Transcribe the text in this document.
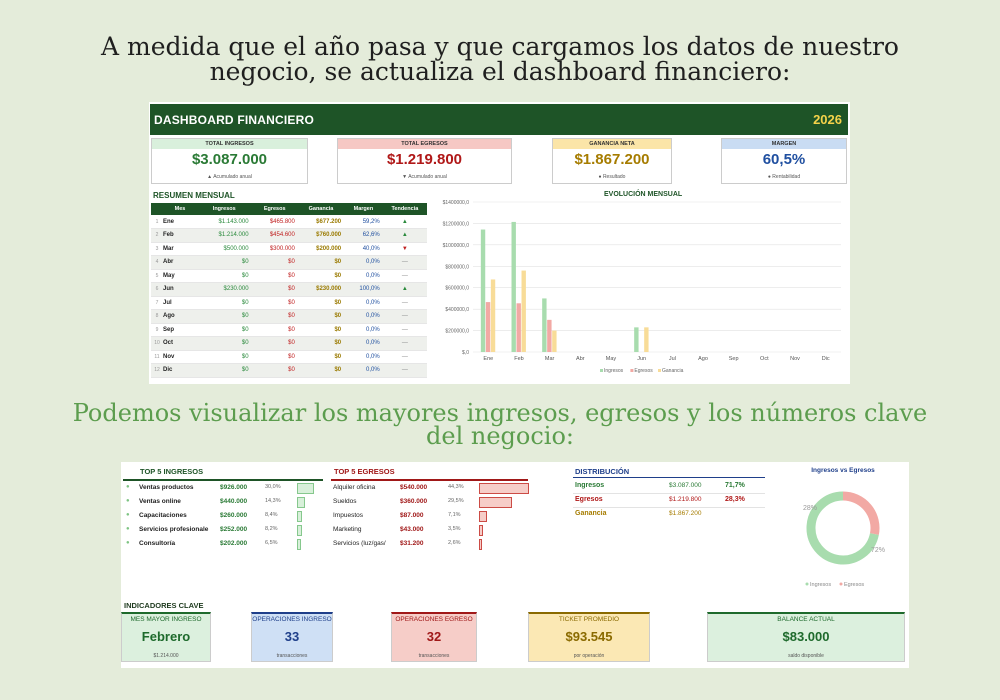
A medida que el año pasa y que cargamos los datos de nuestro
negocio, se actualiza el dashboard financiero:
DASHBOARD FINANCIERO	2026
TOTAL INGRESOS
$3.087.000
▲ Acumulado anual
TOTAL EGRESOS
$1.219.800
▼ Acumulado anual
GANANCIA NETA
$1.867.200
● Resultado
MARGEN
60,5%
● Rentabilidad
RESUMEN MENSUAL
	Mes	Ingresos	Egresos	Ganancia	Margen	Tendencia
1	Ene	$1.143.000	$465.800	$677.200	59,2%	▲
2	Feb	$1.214.000	$454.600	$760.000	62,6%	▲
3	Mar	$500.000	$300.000	$200.000	40,0%	▼
4	Abr	$0	$0	$0	0,0%	—
5	May	$0	$0	$0	0,0%	—
6	Jun	$230.000	$0	$230.000	100,0%	▲
7	Jul	$0	$0	$0	0,0%	—
8	Ago	$0	$0	$0	0,0%	—
9	Sep	$0	$0	$0	0,0%	—
10	Oct	$0	$0	$0	0,0%	—
11	Nov	$0	$0	$0	0,0%	—
12	Dic	$0	$0	$0	0,0%	—
EVOLUCIÓN MENSUAL
$,0
$200000,0
$400000,0
$600000,0
$800000,0
$1000000,0
$1200000,0
$1400000,0
Ene	Feb	Mar	Abr	May	Jun	Jul	Ago	Sep	Oct	Nov	Dic
Ingresos Egresos Ganancia
Podemos visualizar los mayores ingresos, egresos y los números clave
del negocio:
TOP 5 INGRESOS
● Ventas productos	$926.000	30,0%
● Ventas online	$440.000	14,3%
● Capacitaciones	$260.000	8,4%
● Servicios profesionale $252.000	8,2%
● Consultoría	$202.000	6,5%
TOP 5 EGRESOS
Alquiler oficina	$540.000	44,3%
Sueldos	$360.000	29,5%
Impuestos	$87.000	7,1%
Marketing	$43.000	3,5%
Servicios (luz/gas/ $31.200	2,6%
DISTRIBUCIÓN
Ingresos	$3.087.000	71,7%
Egresos	$1.219.800	28,3%
Ganancia	$1.867.200
Ingresos vs Egresos
72%
28%
Ingresos Egresos
INDICADORES CLAVE
MES MAYOR INGRESO
Febrero
$1.214.000
OPERACIONES INGRESO
33
transacciones
OPERACIONES EGRESO
32
transacciones
TICKET PROMEDIO
$93.545
por operación
BALANCE ACTUAL
$83.000
saldo disponible
